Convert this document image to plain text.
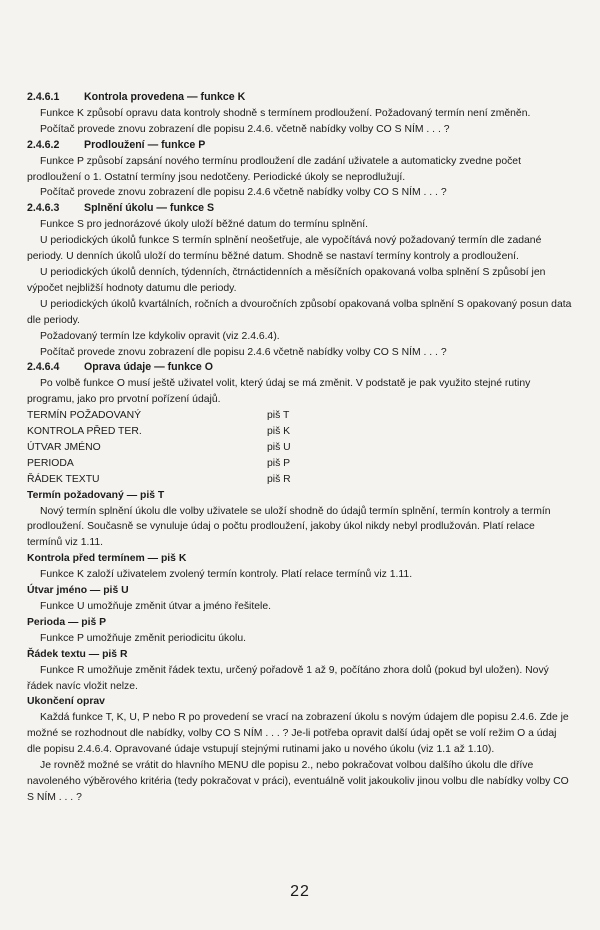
2.4.6.1 Kontrola provedena — funkce K

Funkce K způsobí opravu data kontroly shodně s termínem prodloužení. Požadovaný termín není změněn.

Počítač provede znovu zobrazení dle popisu 2.4.6. včetně nabídky volby CO S NÍM . . . ?

2.4.6.2 Prodloužení — funkce P

Funkce P způsobí zapsání nového termínu prodloužení dle zadání uživatele a automaticky zvedne počet prodloužení o 1. Ostatní termíny jsou nedotčeny. Periodické úkoly se neprodlužují.

Počítač provede znovu zobrazení dle popisu 2.4.6 včetně nabídky volby CO S NÍM . . . ?

2.4.6.3 Splnění úkolu — funkce S

Funkce S pro jednorázové úkoly uloží běžné datum do termínu splnění.

U periodických úkolů funkce S termín splnění neošetřuje, ale vypočítává nový požadovaný termín dle zadané periody. U denních úkolů uloží do termínu běžné datum. Shodně se nastaví termíny kontroly a prodloužení.

U periodických úkolů denních, týdenních, čtrnáctidenních a měsíčních opakovaná volba splnění S způsobí jen výpočet nejbližší hodnoty datumu dle periody.

U periodických úkolů kvartálních, ročních a dvouročních způsobí opakovaná volba splnění S opakovaný posun data dle periody.

Požadovaný termín lze kdykoliv opravit (viz 2.4.6.4).

Počítač provede znovu zobrazení dle popisu 2.4.6 včetně nabídky volby CO S NÍM . . . ?

2.4.6.4 Oprava údaje — funkce O

Po volbě funkce O musí ještě uživatel volit, který údaj se má změnit. V podstatě je pak využito stejné rutiny programu, jako pro prvotní pořízení údajů.

TERMÍN POŽADOVANÝ	piš T
KONTROLA PŘED TER.	piš K
ÚTVAR JMÉNO	piš U
PERIODA	piš P
ŘÁDEK TEXTU	piš R

Termín požadovaný — piš T

Nový termín splnění úkolu dle volby uživatele se uloží shodně do údajů termín splnění, termín kontroly a termín prodloužení. Současně se vynuluje údaj o počtu prodloužení, jakoby úkol nikdy nebyl prodlužován. Platí relace termínů viz 1.11.

Kontrola před termínem — piš K

Funkce K založí uživatelem zvolený termín kontroly. Platí relace termínů viz 1.11.

Útvar jméno — piš U

Funkce U umožňuje změnit útvar a jméno řešitele.

Perioda — piš P

Funkce P umožňuje změnit periodicitu úkolu.

Řádek textu — piš R

Funkce R umožňuje změnit řádek textu, určený pořadově 1 až 9, počítáno zhora dolů (pokud byl uložen). Nový řádek navíc vložit nelze.

Ukončení oprav

Každá funkce T, K, U, P nebo R po provedení se vrací na zobrazení úkolu s novým údajem dle popisu 2.4.6. Zde je možné se rozhodnout dle nabídky, volby CO S NÍM . . . ? Je-li potřeba opravit další údaj opět se volí režim O a údaj dle popisu 2.4.6.4. Opravované údaje vstupují stejnými rutinami jako u nového úkolu (viz 1.1 až 1.10).

Je rovněž možné se vrátit do hlavního MENU dle popisu 2., nebo pokračovat volbou dalšího úkolu dle dříve navoleného výběrového kritéria (tedy pokračovat v práci), eventuálně volit jakoukoliv jinou volbu dle nabídky volby CO S NÍM . . . ?

22
